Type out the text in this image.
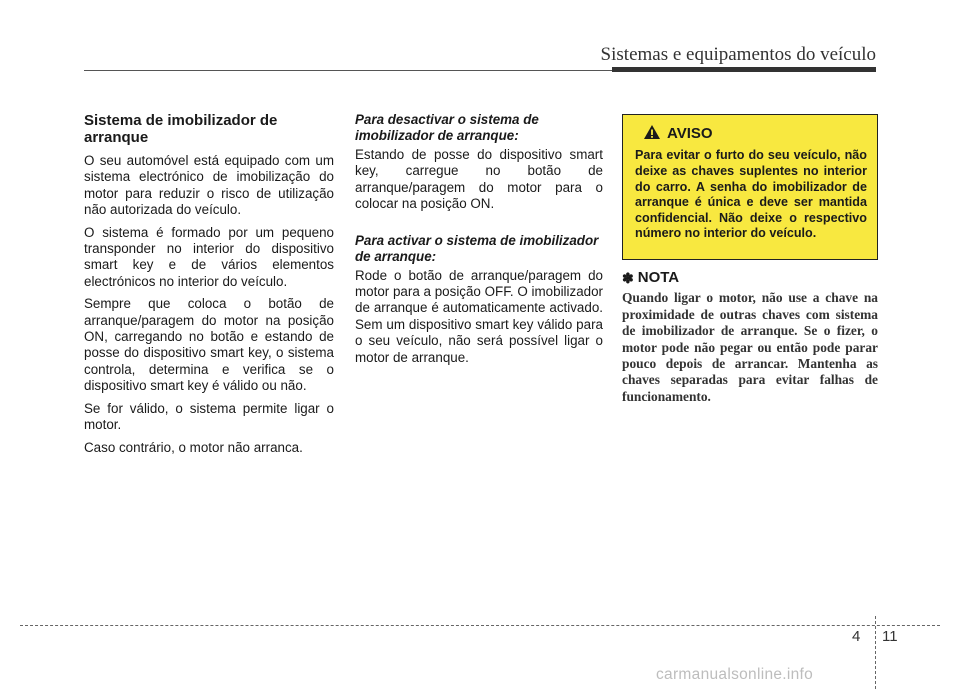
Sistemas e equipamentos do veículo
Sistema de imobilizador de arranque

O seu automóvel está equipado com um sistema electrónico de imobilização do motor para reduzir o risco de utilização não autorizada do veículo.

O sistema é formado por um pequeno transponder no interior do dispositivo smart key e de vários elementos electrónicos no interior do veículo.

Sempre que coloca o botão de arranque/paragem do motor na posição ON, carregando no botão e estando de posse do dispositivo smart key, o sistema controla, determina e verifica se o dispositivo smart key é válido ou não.

Se for válido, o sistema permite ligar o motor.

Caso contrário, o motor não arranca.

Para desactivar o sistema de imobilizador de arranque:

Estando de posse do dispositivo smart key, carregue no botão de arranque/paragem do motor para o colocar na posição ON.

Para activar o sistema de imobilizador de arranque:

Rode o botão de arranque/paragem do motor para a posição OFF. O imobilizador de arranque é automaticamente activado. Sem um dispositivo smart key válido para o seu veículo, não será possível ligar o motor de arranque.

AVISO
Para evitar o furto do seu veículo, não deixe as chaves suplentes no interior do carro. A senha do imobilizador de arranque é única e deve ser mantida confidencial. Não deixe o respectivo número no interior do veículo.
✽ NOTA
Quando ligar o motor, não use a chave na proximidade de outras chaves com sistema de imobilizador de arranque. Se o fizer, o motor pode não pegar ou então pode parar pouco depois de arrancar. Mantenha as chaves separadas para evitar falhas de funcionamento.
4 11
carmanualsonline.info
